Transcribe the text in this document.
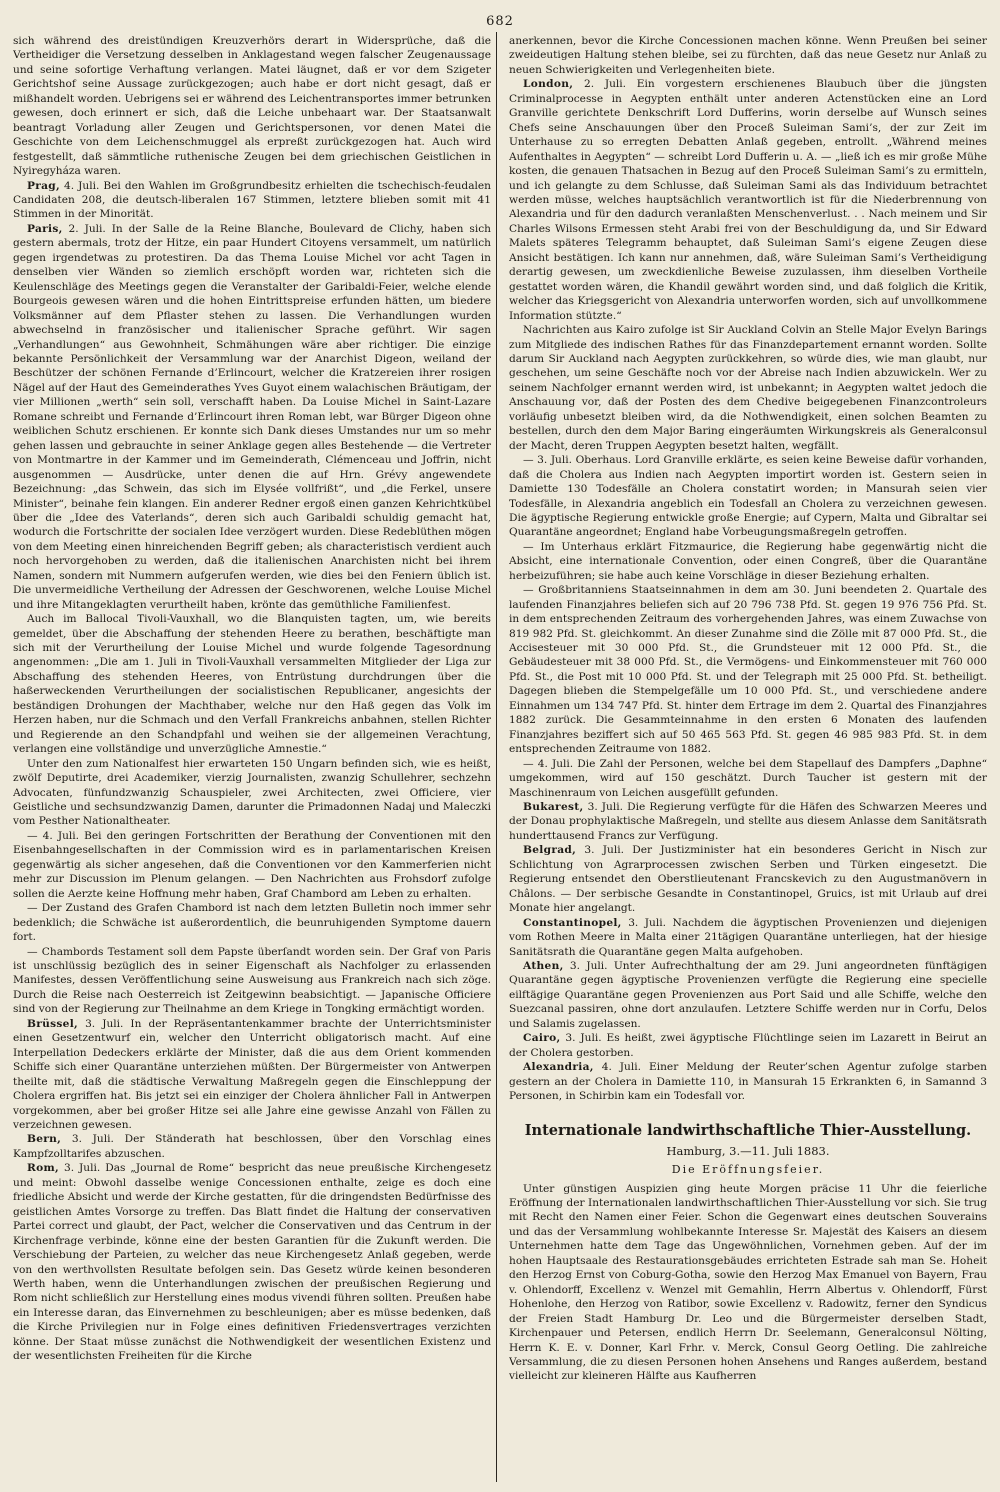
682

sich während des dreistündigen Kreuzverhörs derart in Widersprüche, daß die Vertheidiger die Versetzung desselben in Anklagestand wegen falscher Zeugenaussage und seine sofortige Verhaftung verlangen. Matei läugnet, daß er vor dem Szigeter Gerichtshof seine Aussage zurückgezogen; auch habe er dort nicht gesagt, daß er mißhandelt worden. Uebrigens sei er während des Leichentransportes immer betrunken gewesen, doch erinnert er sich, daß die Leiche unbehaart war. Der Staatsanwalt beantragt Vorladung aller Zeugen und Gerichtspersonen, vor denen Matei die Geschichte von dem Leichenschmuggel als erpreßt zurückgezogen hat. Auch wird festgestellt, daß sämmtliche ruthenische Zeugen bei dem griechischen Geistlichen in Nyiregyháza waren.

Prag, 4. Juli. Bei den Wahlen im Großgrundbesitz erhielten die tschechisch-feudalen Candidaten 208, die deutsch-liberalen 167 Stimmen, letztere blieben somit mit 41 Stimmen in der Minorität.

Paris, 2. Juli. In der Salle de la Reine Blanche, Boulevard de Clichy, haben sich gestern abermals, trotz der Hitze, ein paar Hundert Citoyens versammelt, um natürlich gegen irgendetwas zu protestiren. Da das Thema Louise Michel vor acht Tagen in denselben vier Wänden so ziemlich erschöpft worden war, richteten sich die Keulenschläge des Meetings gegen die Veranstalter der Garibaldi-Feier, welche elende Bourgeois gewesen wären und die hohen Eintrittspreise erfunden hätten, um biedere Volksmänner auf dem Pflaster stehen zu lassen. Die Verhandlungen wurden abwechselnd in französischer und italienischer Sprache geführt. Wir sagen „Verhandlungen“ aus Gewohnheit, Schmähungen wäre aber richtiger. Die einzige bekannte Persönlichkeit der Versammlung war der Anarchist Digeon, weiland der Beschützer der schönen Fernande d’Erlincourt, welcher die Kratzereien ihrer rosigen Nägel auf der Haut des Gemeinderathes Yves Guyot einem walachischen Bräutigam, der vier Millionen „werth“ sein soll, verschafft haben. Da Louise Michel in Saint-Lazare Romane schreibt und Fernande d’Erlincourt ihren Roman lebt, war Bürger Digeon ohne weiblichen Schutz erschienen. Er konnte sich Dank dieses Umstandes nur um so mehr gehen lassen und gebrauchte in seiner Anklage gegen alles Bestehende — die Vertreter von Montmartre in der Kammer und im Gemeinderath, Clémenceau und Joffrin, nicht ausgenommen — Ausdrücke, unter denen die auf Hrn. Grévy angewendete Bezeichnung: „das Schwein, das sich im Elysée vollfrißt“, und „die Ferkel, unsere Minister“, beinahe fein klangen. Ein anderer Redner ergoß einen ganzen Kehrichtkübel über die „Idee des Vaterlands“, deren sich auch Garibaldi schuldig gemacht hat, wodurch die Fortschritte der socialen Idee verzögert wurden. Diese Redeblüthen mögen von dem Meeting einen hinreichenden Begriff geben; als characteristisch verdient auch noch hervorgehoben zu werden, daß die italienischen Anarchisten nicht bei ihrem Namen, sondern mit Nummern aufgerufen werden, wie dies bei den Feniern üblich ist. Die unvermeidliche Vertheilung der Adressen der Geschworenen, welche Louise Michel und ihre Mitangeklagten verurtheilt haben, krönte das gemüthliche Familienfest.

Auch im Ballocal Tivoli-Vauxhall, wo die Blanquisten tagten, um, wie bereits gemeldet, über die Abschaffung der stehenden Heere zu berathen, beschäftigte man sich mit der Verurtheilung der Louise Michel und wurde folgende Tagesordnung angenommen: „Die am 1. Juli in Tivoli-Vauxhall versammelten Mitglieder der Liga zur Abschaffung des stehenden Heeres, von Entrüstung durchdrungen über die haßerweckenden Verurtheilungen der socialistischen Republicaner, angesichts der beständigen Drohungen der Machthaber, welche nur den Haß gegen das Volk im Herzen haben, nur die Schmach und den Verfall Frankreichs anbahnen, stellen Richter und Regierende an den Schandpfahl und weihen sie der allgemeinen Verachtung, verlangen eine vollständige und unverzügliche Amnestie.“

Unter den zum Nationalfest hier erwarteten 150 Ungarn befinden sich, wie es heißt, zwölf Deputirte, drei Academiker, vierzig Journalisten, zwanzig Schullehrer, sechzehn Advocaten, fünfundzwanzig Schauspieler, zwei Architecten, zwei Officiere, vier Geistliche und sechsundzwanzig Damen, darunter die Primadonnen Nadaj und Maleczki vom Pesther Nationaltheater.

— 4. Juli. Bei den geringen Fortschritten der Berathung der Conventionen mit den Eisenbahngesellschaften in der Commission wird es in parlamentarischen Kreisen gegenwärtig als sicher angesehen, daß die Conventionen vor den Kammerferien nicht mehr zur Discussion im Plenum gelangen. — Den Nachrichten aus Frohsdorf zufolge sollen die Aerzte keine Hoffnung mehr haben, Graf Chambord am Leben zu erhalten.

— Der Zustand des Grafen Chambord ist nach dem letzten Bulletin noch immer sehr bedenklich; die Schwäche ist außerordentlich, die beunruhigenden Symptome dauern fort.

— Chambords Testament soll dem Papste überſandt worden sein. Der Graf von Paris ist unschlüssig bezüglich des in seiner Eigenschaft als Nachfolger zu erlassenden Manifestes, dessen Veröffentlichung seine Ausweisung aus Frankreich nach sich zöge. Durch die Reise nach Oesterreich ist Zeitgewinn beabsichtigt. — Japanische Officiere sind von der Regierung zur Theilnahme an dem Kriege in Tongking ermächtigt worden.

Brüssel, 3. Juli. In der Repräsentantenkammer brachte der Unterrichtsminister einen Gesetzentwurf ein, welcher den Unterricht obligatorisch macht. Auf eine Interpellation Dedeckers erklärte der Minister, daß die aus dem Orient kommenden Schiffe sich einer Quarantäne unterziehen müßten. Der Bürgermeister von Antwerpen theilte mit, daß die städtische Verwaltung Maßregeln gegen die Einschleppung der Cholera ergriffen hat. Bis jetzt sei ein einziger der Cholera ähnlicher Fall in Antwerpen vorgekommen, aber bei großer Hitze sei alle Jahre eine gewisse Anzahl von Fällen zu verzeichnen gewesen.

Bern, 3. Juli. Der Ständerath hat beschlossen, über den Vorschlag eines Kampfzolltarifes abzuschen.

Rom, 3. Juli. Das „Journal de Rome“ bespricht das neue preußische Kirchengesetz und meint: Obwohl dasselbe wenige Concessionen enthalte, zeige es doch eine friedliche Absicht und werde der Kirche gestatten, für die dringendsten Bedürfnisse des geistlichen Amtes Vorsorge zu treffen. Das Blatt findet die Haltung der conservativen Partei correct und glaubt, der Pact, welcher die Conservativen und das Centrum in der Kirchenfrage verbinde, könne eine der besten Garantien für die Zukunft werden. Die Verschiebung der Parteien, zu welcher das neue Kirchengesetz Anlaß gegeben, werde von den werthvollsten Resultate befolgen sein. Das Gesetz würde keinen besonderen Werth haben, wenn die Unterhandlungen zwischen der preußischen Regierung und Rom nicht schließlich zur Herstellung eines modus vivendi führen sollten. Preußen habe ein Interesse daran, das Einvernehmen zu beschleunigen; aber es müsse bedenken, daß die Kirche Privilegien nur in Folge eines definitiven Friedensvertrages verzichten könne. Der Staat müsse zunächst die Nothwendigkeit der wesentlichen Existenz und der wesentlichsten Freiheiten für die Kirche

anerkennen, bevor die Kirche Concessionen machen könne. Wenn Preußen bei seiner zweideutigen Haltung stehen bleibe, sei zu fürchten, daß das neue Gesetz nur Anlaß zu neuen Schwierigkeiten und Verlegenheiten biete.

London, 2. Juli. Ein vorgestern erschienenes Blaubuch über die jüngsten Criminalprocesse in Aegypten enthält unter anderen Actenstücken eine an Lord Granville gerichtete Denkschrift Lord Dufferins, worin derselbe auf Wunsch seines Chefs seine Anschauungen über den Proceß Suleiman Sami’s, der zur Zeit im Unterhause zu so erregten Debatten Anlaß gegeben, entrollt. „Während meines Aufenthaltes in Aegypten“ — schreibt Lord Dufferin u. A. — „ließ ich es mir große Mühe kosten, die genauen Thatsachen in Bezug auf den Proceß Suleiman Sami’s zu ermitteln, und ich gelangte zu dem Schlusse, daß Suleiman Sami als das Individuum betrachtet werden müsse, welches hauptsächlich verantwortlich ist für die Niederbrennung von Alexandria und für den dadurch veranlaßten Menschenverlust. . . Nach meinem und Sir Charles Wilsons Ermessen steht Arabi frei von der Beschuldigung da, und Sir Edward Malets späteres Telegramm behauptet, daß Suleiman Sami’s eigene Zeugen diese Ansicht bestätigen. Ich kann nur annehmen, daß, wäre Suleiman Sami’s Vertheidigung derartig gewesen, um zweckdienliche Beweise zuzulassen, ihm dieselben Vortheile gestattet worden wären, die Khandil gewährt worden sind, und daß folglich die Kritik, welcher das Kriegsgericht von Alexandria unterworfen worden, sich auf unvollkommene Information stützte.“

Nachrichten aus Kairo zufolge ist Sir Auckland Colvin an Stelle Major Evelyn Barings zum Mitgliede des indischen Rathes für das Finanzdepartement ernannt worden. Sollte darum Sir Auckland nach Aegypten zurückkehren, so würde dies, wie man glaubt, nur geschehen, um seine Geschäfte noch vor der Abreise nach Indien abzuwickeln. Wer zu seinem Nachfolger ernannt werden wird, ist unbekannt; in Aegypten waltet jedoch die Anschauung vor, daß der Posten des dem Chedive beigegebenen Finanzcontroleurs vorläufig unbesetzt bleiben wird, da die Nothwendigkeit, einen solchen Beamten zu bestellen, durch den dem Major Baring eingeräumten Wirkungskreis als Generalconsul der Macht, deren Truppen Aegypten besetzt halten, wegfällt.

— 3. Juli. Oberhaus. Lord Granville erklärte, es seien keine Beweise dafür vorhanden, daß die Cholera aus Indien nach Aegypten importirt worden ist. Gestern seien in Damiette 130 Todesfälle an Cholera constatirt worden; in Mansurah seien vier Todesfälle, in Alexandria angeblich ein Todesfall an Cholera zu verzeichnen gewesen. Die ägyptische Regierung entwickle große Energie; auf Cypern, Malta und Gibraltar sei Quarantäne angeordnet; England habe Vorbeugungsmaßregeln getroffen.

— Im Unterhaus erklärt Fitzmaurice, die Regierung habe gegenwärtig nicht die Absicht, eine internationale Convention, oder einen Congreß, über die Quarantäne herbeizuführen; sie habe auch keine Vorschläge in dieser Beziehung erhalten.

— Großbritanniens Staatseinnahmen in dem am 30. Juni beendeten 2. Quartale des laufenden Finanzjahres beliefen sich auf 20 796 738 Pfd. St. gegen 19 976 756 Pfd. St. in dem entsprechenden Zeitraum des vorhergehenden Jahres, was einem Zuwachse von 819 982 Pfd. St. gleichkommt. An dieser Zunahme sind die Zölle mit 87 000 Pfd. St., die Accisesteuer mit 30 000 Pfd. St., die Grundsteuer mit 12 000 Pfd. St., die Gebäudesteuer mit 38 000 Pfd. St., die Vermögens- und Einkommensteuer mit 760 000 Pfd. St., die Post mit 10 000 Pfd. St. und der Telegraph mit 25 000 Pfd. St. betheiligt. Dagegen blieben die Stempelgefälle um 10 000 Pfd. St., und verschiedene andere Einnahmen um 134 747 Pfd. St. hinter dem Ertrage im dem 2. Quartal des Finanzjahres 1882 zurück. Die Gesammteinnahme in den ersten 6 Monaten des laufenden Finanzjahres beziffert sich auf 50 465 563 Pfd. St. gegen 46 985 983 Pfd. St. in dem entsprechenden Zeitraume von 1882.

— 4. Juli. Die Zahl der Personen, welche bei dem Stapellauf des Dampfers „Daphne“ umgekommen, wird auf 150 geschätzt. Durch Taucher ist gestern mit der Maschinenraum von Leichen ausgefüllt gefunden.

Bukarest, 3. Juli. Die Regierung verfügte für die Häfen des Schwarzen Meeres und der Donau prophylaktische Maßregeln, und stellte aus diesem Anlasse dem Sanitätsrath hunderttausend Francs zur Verfügung.

Belgrad, 3. Juli. Der Justizminister hat ein besonderes Gericht in Nisch zur Schlichtung von Agrarprocessen zwischen Serben und Türken eingesetzt. Die Regierung entsendet den Oberstlieutenant Francskevich zu den Augustmanövern in Châlons. — Der serbische Gesandte in Constantinopel, Gruics, ist mit Urlaub auf drei Monate hier angelangt.

Constantinopel, 3. Juli. Nachdem die ägyptischen Provenienzen und diejenigen vom Rothen Meere in Malta einer 21tägigen Quarantäne unterliegen, hat der hiesige Sanitätsrath die Quarantäne gegen Malta aufgehoben.

Athen, 3. Juli. Unter Aufrechthaltung der am 29. Juni angeordneten fünftägigen Quarantäne gegen ägyptische Provenienzen verfügte die Regierung eine specielle eilftägige Quarantäne gegen Provenienzen aus Port Said und alle Schiffe, welche den Suezcanal passiren, ohne dort anzulaufen. Letztere Schiffe werden nur in Corfu, Delos und Salamis zugelassen.

Cairo, 3. Juli. Es heißt, zwei ägyptische Flüchtlinge seien im Lazarett in Beirut an der Cholera gestorben.

Alexandria, 4. Juli. Einer Meldung der Reuter’schen Agentur zufolge starben gestern an der Cholera in Damiette 110, in Mansurah 15 Erkrankten 6, in Samannd 3 Personen, in Schirbin kam ein Todesfall vor.

Internationale landwirthschaftliche Thier-Ausstellung.
Hamburg, 3.—11. Juli 1883.
Die Eröffnungsfeier.

Unter günstigen Auspizien ging heute Morgen präcise 11 Uhr die feierliche Eröffnung der Internationalen landwirthschaftlichen Thier-Ausstellung vor sich. Sie trug mit Recht den Namen einer Feier. Schon die Gegenwart eines deutschen Souverains und das der Versammlung wohlbekannte Interesse Sr. Majestät des Kaisers an diesem Unternehmen hatte dem Tage das Ungewöhnlichen, Vornehmen geben. Auf der im hohen Hauptsaale des Restaurationsgebäudes errichteten Estrade sah man Se. Hoheit den Herzog Ernst von Coburg-Gotha, sowie den Herzog Max Emanuel von Bayern, Frau v. Ohlendorff, Excellenz v. Wenzel mit Gemahlin, Herrn Albertus v. Ohlendorff, Fürst Hohenlohe, den Herzog von Ratibor, sowie Excellenz v. Radowitz, ferner den Syndicus der Freien Stadt Hamburg Dr. Leo und die Bürgermeister derselben Stadt, Kirchenpauer und Petersen, endlich Herrn Dr. Seelemann, Generalconsul Nölting, Herrn K. E. v. Donner, Karl Frhr. v. Merck, Consul Georg Oetling. Die zahlreiche Versammlung, die zu diesen Personen hohen Ansehens und Ranges außerdem, bestand vielleicht zur kleineren Hälfte aus Kaufherren
